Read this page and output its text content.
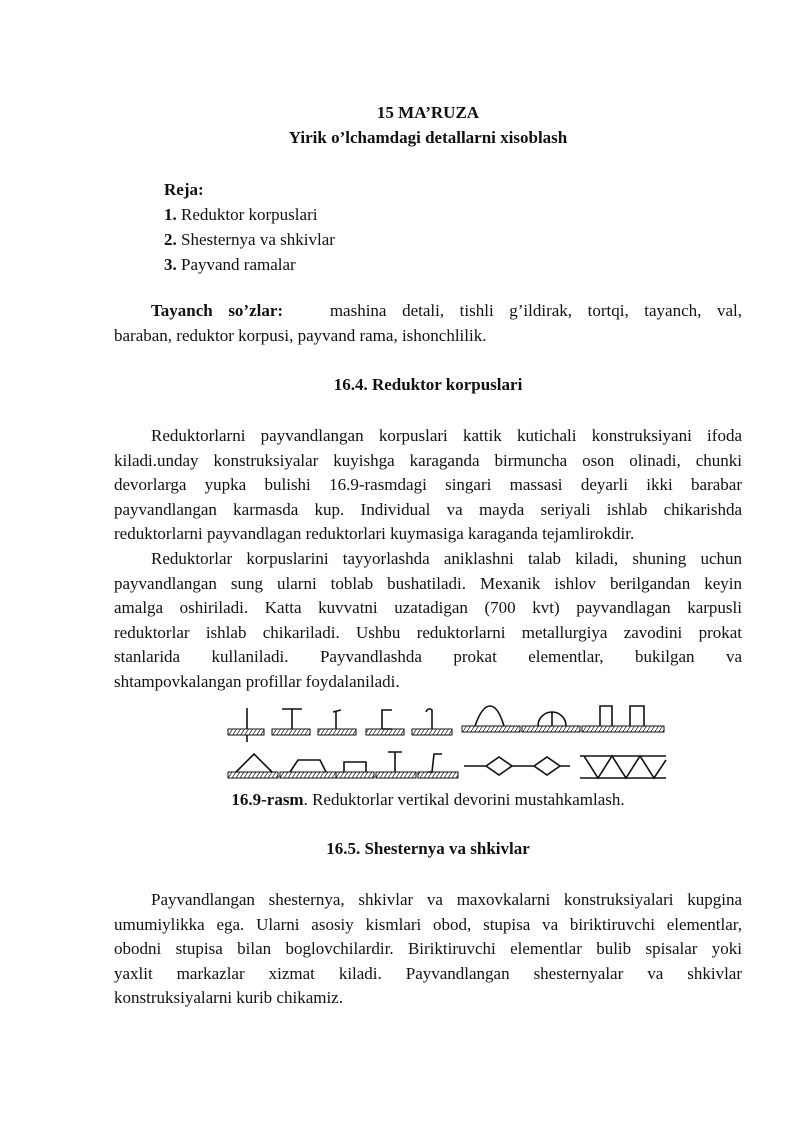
15 MA’RUZA
Yirik o’lchamdagi detallarni xisoblash
Reja:
1. Reduktor korpuslari
2. Shesternya va shkivlar
3. Payvand ramalar
Tayanch so’zlar:	mashina detali, tishli g’ildirak, tortqi, tayanch, val,
baraban, reduktor korpusi, payvand rama, ishonchlilik.
16.4. Reduktor korpuslari
Reduktorlarni payvandlangan korpuslari kattik kutichali konstruksiyani ifoda
kiladi.unday konstruksiyalar kuyishga karaganda birmuncha oson olinadi, chunki
devorlarga yupka bulishi 16.9-rasmdagi singari massasi deyarli ikki barabar
payvandlangan karmasda kup. Individual va mayda seriyali ishlab chikarishda
reduktorlarni payvandlagan reduktorlari kuymasiga karaganda tejamlirokdir.
Reduktorlar korpuslarini tayyorlashda aniklashni talab kiladi, shuning uchun
payvandlangan sung ularni toblab bushatiladi. Mexanik ishlov berilgandan keyin
amalga oshiriladi. Katta kuvvatni uzatadigan (700 kvt) payvandlagan karpusli
reduktorlar ishlab chikariladi. Ushbu reduktorlarni metallurgiya zavodini prokat
stanlarida kullaniladi. Payvandlashda prokat elementlar, bukilgan va
shtampovkalangan profillar foydalaniladi.
16.9-rasm. Reduktorlar vertikal devorini mustahkamlash.
16.5. Shesternya va shkivlar
Payvandlangan shesternya, shkivlar va maxovkalarni konstruksiyalari kupgina
umumiylikka ega. Ularni asosiy kismlari obod, stupisa va biriktiruvchi elementlar,
obodni stupisa bilan boglovchilardir. Biriktiruvchi elementlar bulib spisalar yoki
yaxlit markazlar xizmat kiladi. Payvandlangan shesternyalar va shkivlar
konstruksiyalarni kurib chikamiz.
